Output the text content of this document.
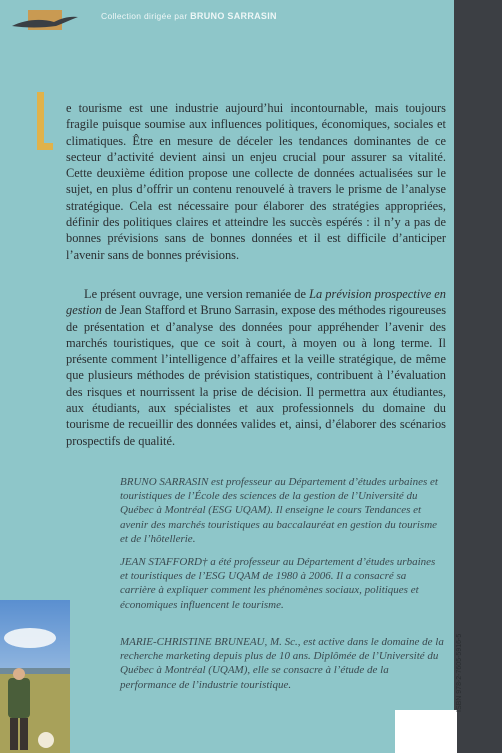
Collection dirigée par BRUNO SARRASIN
e tourisme est une industrie aujourd’hui incontournable, mais toujours fragile puisque soumise aux influences politiques, économiques, sociales et climatiques. Être en mesure de déceler les tendances dominantes de ce secteur d’activité devient ainsi un enjeu crucial pour assurer sa vitalité. Cette deuxième édition propose une collecte de données actualisées sur le sujet, en plus d’offrir un contenu renouvelé à travers le prisme de l’analyse stratégique. Cela est nécessaire pour élaborer des stratégies appropriées, définir des politiques claires et atteindre les succès espérés : il n’y a pas de bonnes prévisions sans de bonnes données et il est difficile d’anticiper l’avenir sans de bonnes prévisions.
Le présent ouvrage, une version remaniée de La prévision prospective en gestion de Jean Stafford et Bruno Sarrasin, expose des méthodes rigoureuses de présentation et d’analyse des données pour appréhender l’avenir des marchés touristiques, que ce soit à court, à moyen ou à long terme. Il présente comment l’intelligence d’affaires et la veille stratégique, de même que plusieurs méthodes de prévision statistiques, contribuent à l’évaluation des risques et nourrissent la prise de décision. Il permettra aux étudiantes, aux étudiants, aux spécialistes et aux professionnels du domaine du tourisme de recueillir des données valides et, ainsi, d’élaborer des scénarios prospectifs de qualité.
BRUNO SARRASIN est professeur au Département d’études urbaines et touristiques de l’École des sciences de la gestion de l’Université du Québec à Montréal (ESG UQAM). Il enseigne le cours Tendances et avenir des marchés touristiques au baccalauréat en gestion du tourisme et de l’hôtellerie.
JEAN STAFFORD† a été professeur au Département d’études urbaines et touristiques de l’ESG UQAM de 1980 à 2006. Il a consacré sa carrière à expliquer comment les phénomènes sociaux, politiques et économiques influencent le tourisme.
MARIE-CHRISTINE BRUNEAU, M. Sc., est active dans le domaine de la recherche marketing depuis plus de 10 ans. Diplômée de l’Université du Québec à Montréal (UQAM), elle se consacre à l’étude de la performance de l’industrie touristique.	ISBN 978-2-7605-5916-5
